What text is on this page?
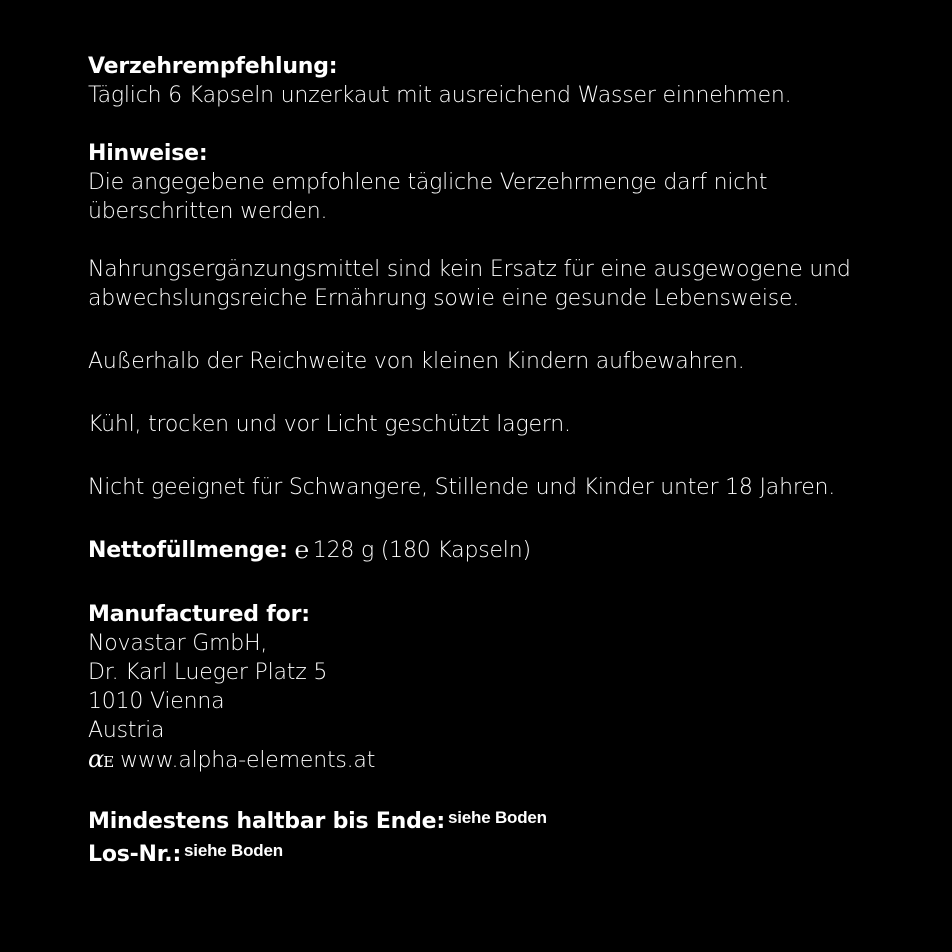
Verzehrempfehlung:

Täglich 6 Kapseln unzerkaut mit ausreichend Wasser einnehmen.

Hinweise:

Die angegebene empfohlene tägliche Verzehrmenge darf nicht überschritten werden.

Nahrungsergänzungsmittel sind kein Ersatz für eine ausgewogene und abwechslungsreiche Ernährung sowie eine gesunde Lebensweise.

Außerhalb der Reichweite von kleinen Kindern aufbewahren.

Kühl, trocken und vor Licht geschützt lagern.

Nicht geeignet für Schwangere, Stillende und Kinder unter 18 Jahren.

Nettofüllmenge: ℮ 128 g (180 Kapseln)
Manufactured for:

Novastar GmbH,

Dr. Karl Lueger Platz 5

1010 Vienna

Austria

αE www.alpha-elements.at

Mindestens haltbar bis Ende: $^{siehe Boden}$
Los-Nr.: $^{siehe Boden}$
